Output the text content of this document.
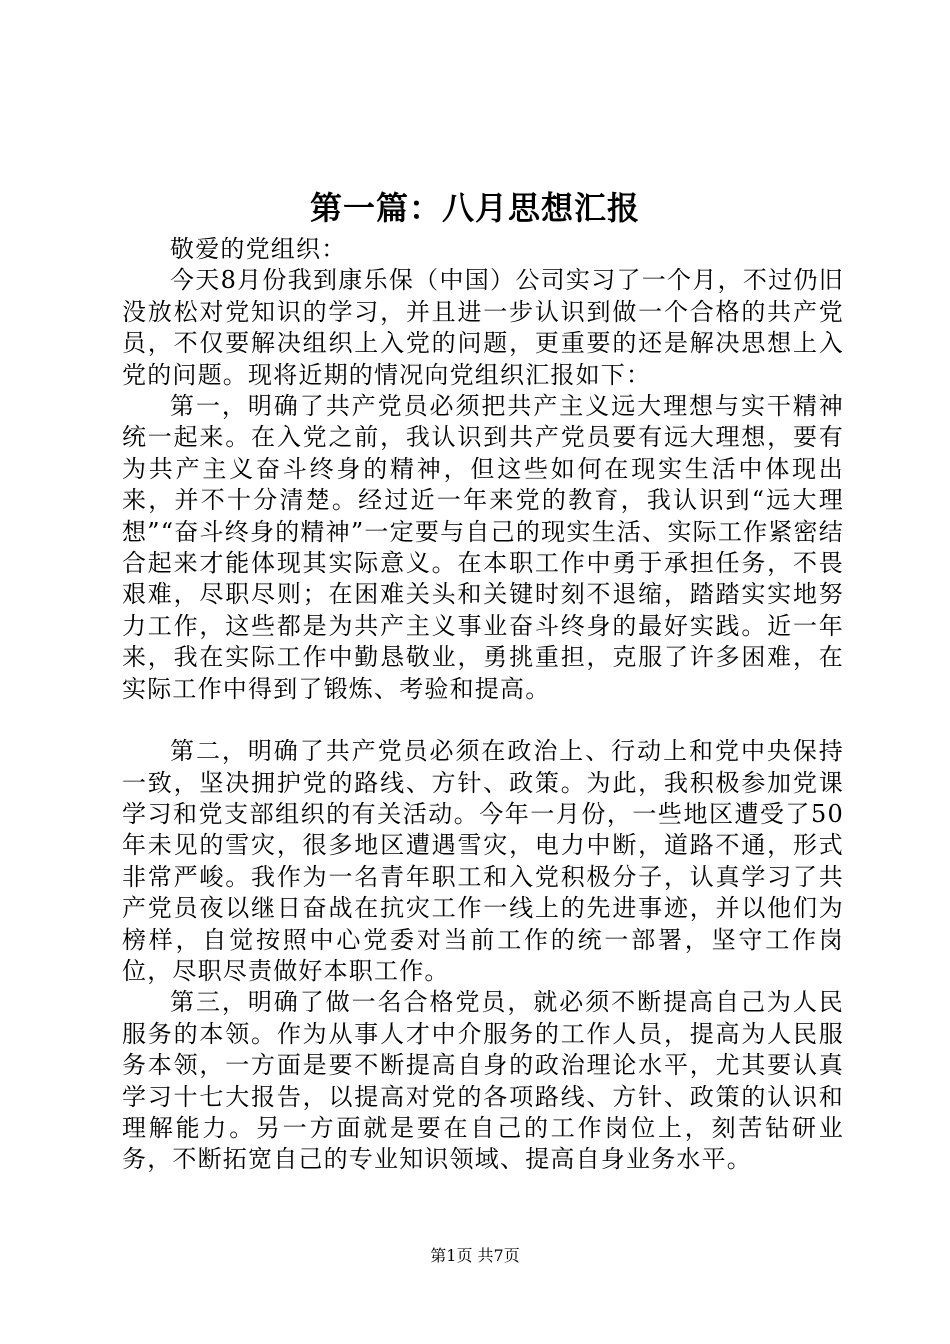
第一篇：八月思想汇报

敬爱的党组织：

今天8月份我到康乐保（中国）公司实习了一个月，不过仍旧没放松对党知识的学习，并且进一步认识到做一个合格的共产党员，不仅要解决组织上入党的问题，更重要的还是解决思想上入党的问题。现将近期的情况向党组织汇报如下：

第一，明确了共产党员必须把共产主义远大理想与实干精神统一起来。在入党之前，我认识到共产党员要有远大理想，要有为共产主义奋斗终身的精神，但这些如何在现实生活中体现出来，并不十分清楚。经过近一年来党的教育，我认识到“远大理想”“奋斗终身的精神”一定要与自己的现实生活、实际工作紧密结合起来才能体现其实际意义。在本职工作中勇于承担任务，不畏艰难，尽职尽则；在困难关头和关键时刻不退缩，踏踏实实地努力工作，这些都是为共产主义事业奋斗终身的最好实践。近一年来，我在实际工作中勤恳敬业，勇挑重担，克服了许多困难，在实际工作中得到了锻炼、考验和提高。

第二，明确了共产党员必须在政治上、行动上和党中央保持一致，坚决拥护党的路线、方针、政策。为此，我积极参加党课学习和党支部组织的有关活动。今年一月份，一些地区遭受了50年未见的雪灾，很多地区遭遇雪灾，电力中断，道路不通，形式非常严峻。我作为一名青年职工和入党积极分子，认真学习了共产党员夜以继日奋战在抗灾工作一线上的先进事迹，并以他们为榜样，自觉按照中心党委对当前工作的统一部署，坚守工作岗位，尽职尽责做好本职工作。

第三，明确了做一名合格党员，就必须不断提高自己为人民服务的本领。作为从事人才中介服务的工作人员，提高为人民服务本领，一方面是要不断提高自身的政治理论水平，尤其要认真学习十七大报告，以提高对党的各项路线、方针、政策的认识和理解能力。另一方面就是要在自己的工作岗位上，刻苦钻研业务，不断拓宽自己的专业知识领域、提高自身业务水平。

第1页 共7页
